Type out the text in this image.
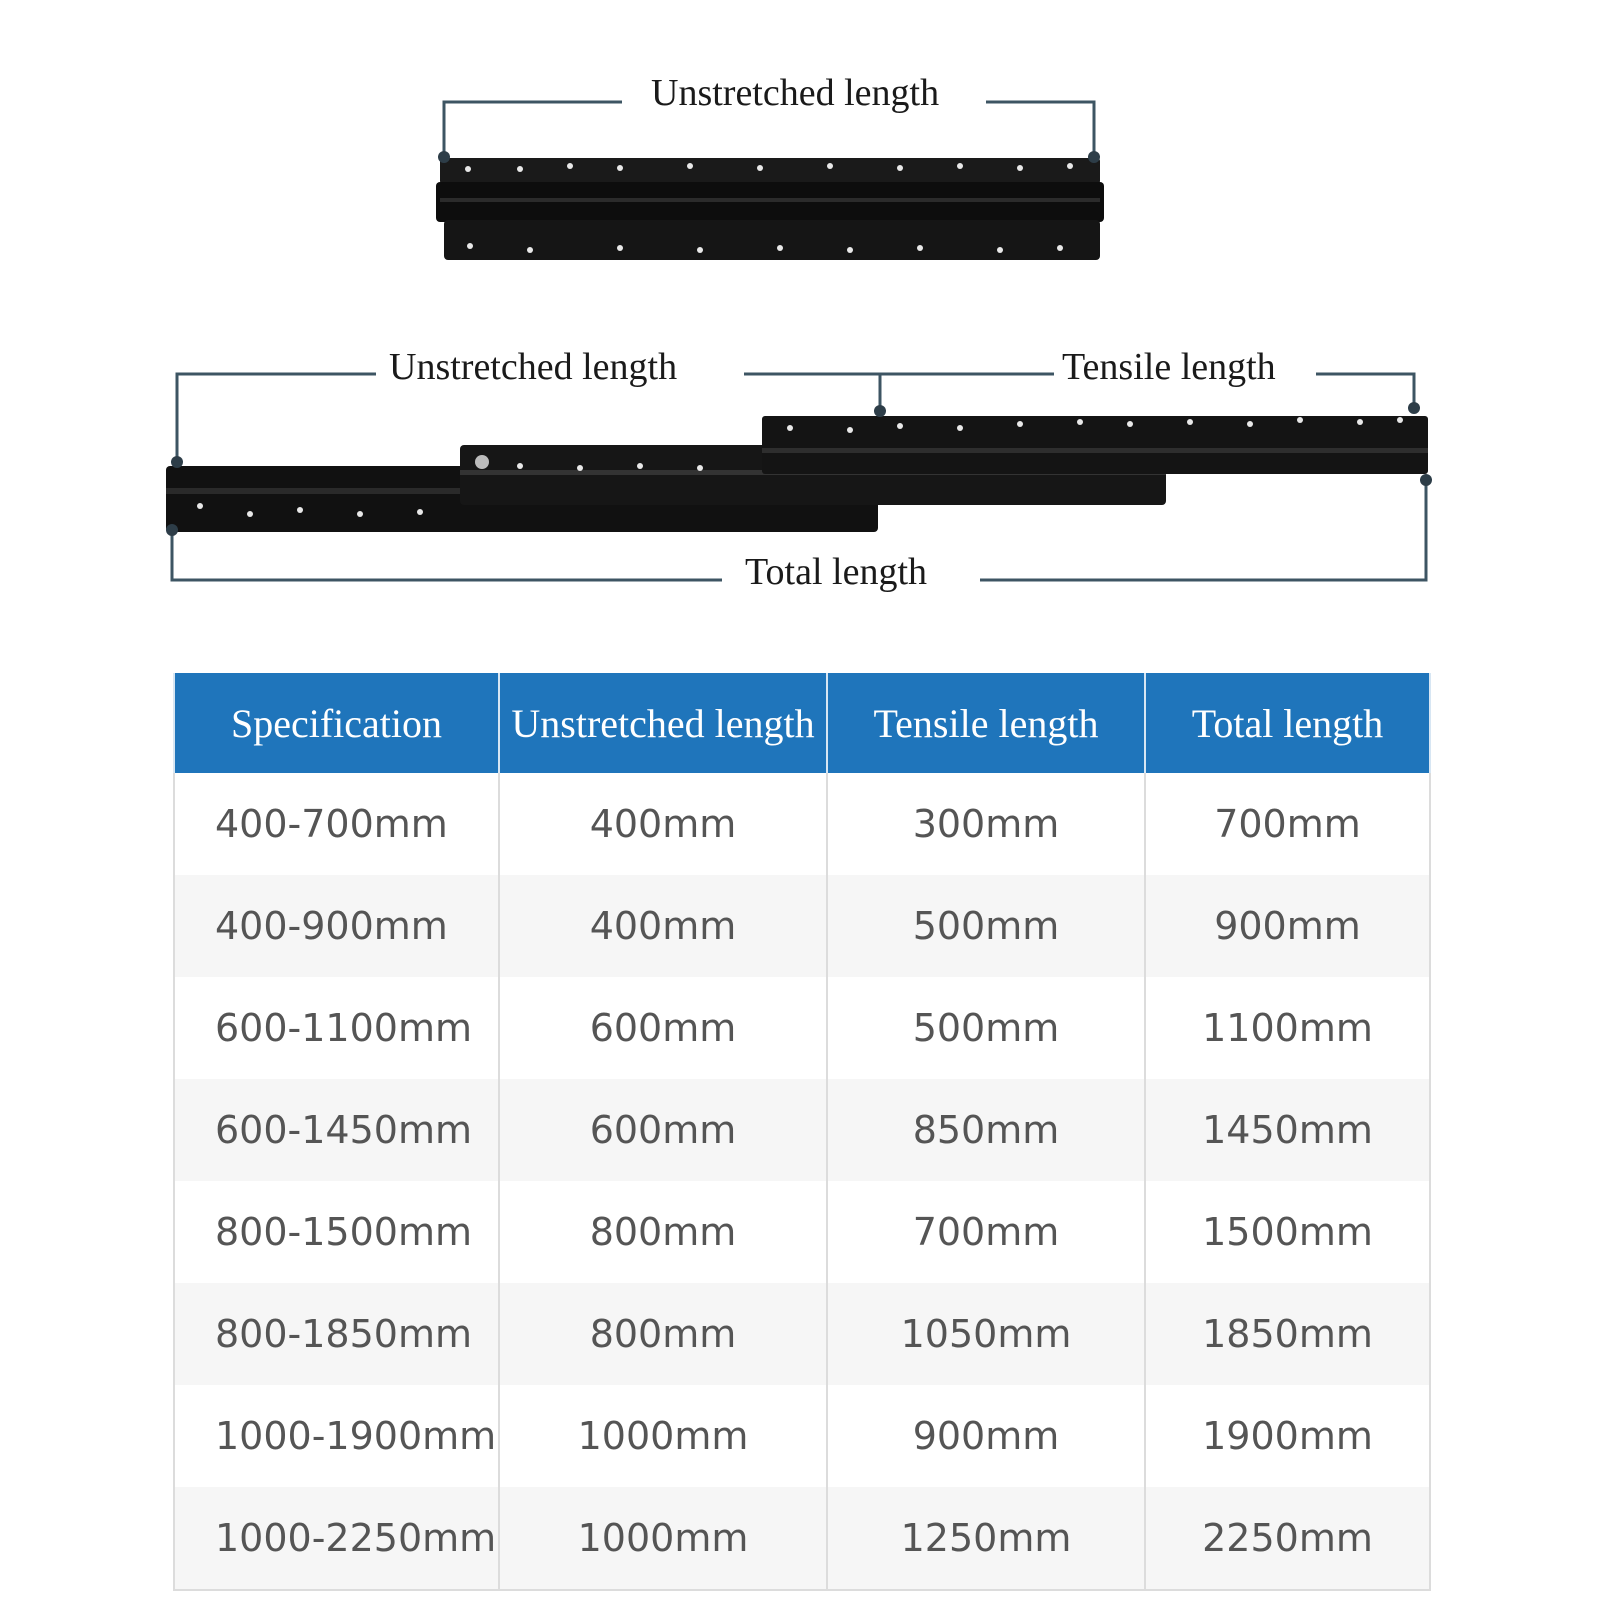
Unstretched length
Unstretched length	Tensile length
Total length
Specification	Unstretched length	Tensile length	Total length
400-700mm	400mm	300mm	700mm
400-900mm	400mm	500mm	900mm
600-1100mm	600mm	500mm	1100mm
600-1450mm	600mm	850mm	1450mm
800-1500mm	800mm	700mm	1500mm
800-1850mm	800mm	1050mm	1850mm
1000-1900mm	1000mm	900mm	1900mm
1000-2250mm	1000mm	1250mm	2250mm
